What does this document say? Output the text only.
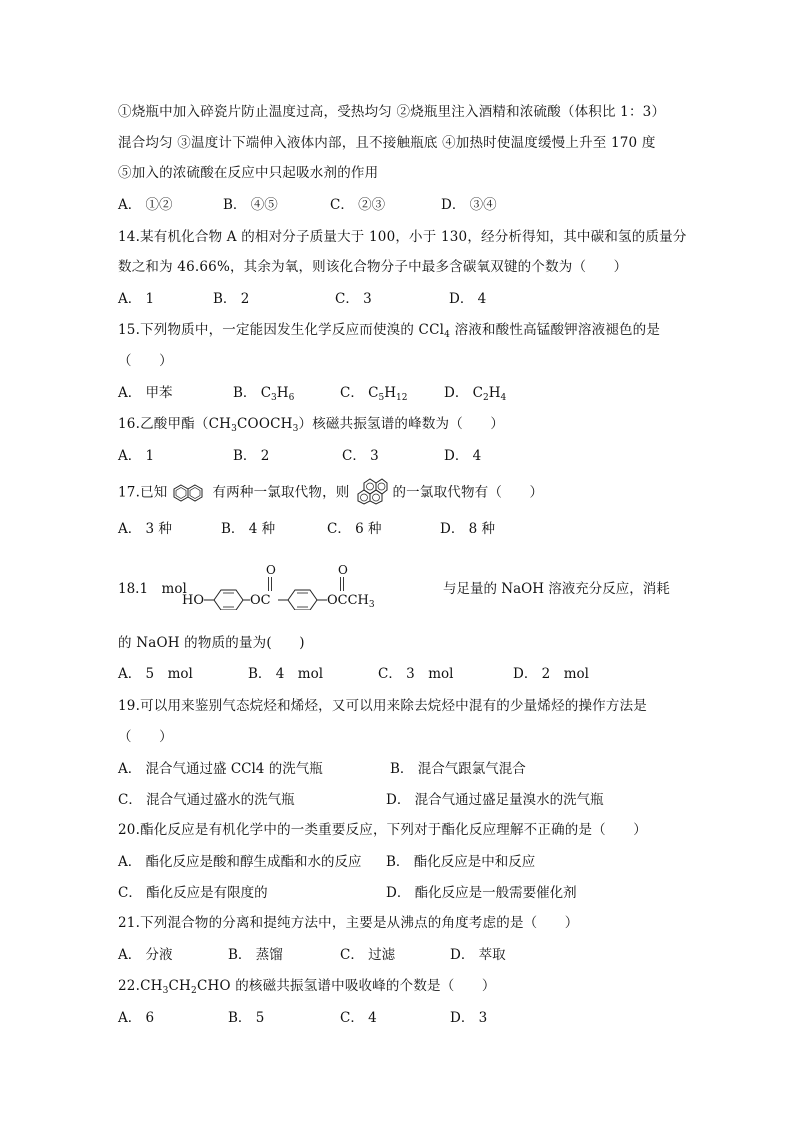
①烧瓶中加入碎瓷片防止温度过高，受热均匀 ②烧瓶里注入酒精和浓硫酸（体积比 1：3）
混合均匀 ③温度计下端伸入液体内部，且不接触瓶底 ④加热时使温度缓慢上升至 170 度
⑤加入的浓硫酸在反应中只起吸水剂的作用
A． ①②	B． ④⑤	C． ②③	D． ③④
14.某有机化合物 A 的相对分子质量大于 100，小于 130，经分析得知，其中碳和氢的质量分
数之和为 46.66%，其余为氧，则该化合物分子中最多含碳氧双键的个数为（　　）
A． 1	B． 2	C． 3	D． 4
15.下列物质中，一定能因发生化学反应而使溴的 CCl$_4$ 溶液和酸性高锰酸钾溶液褪色的是
（　　）
A． 甲苯	B． $C_3H_6$	C． $C_5H_{12}$	D． $C_2H_4$
16.乙酸甲酯$(CH_3COOCH_3)$核磁共振氢谱的峰数为（　　）
A． 1	B． 2	C． 3	D． 4
17.已知	有两种一氯取代物，则	的一氯取代物有（　　）
A． 3 种	B． 4 种	C． 6 种	D． 8 种
18.1　mol
HO	OC
O
$OCCH_3$
O
与足量的 NaOH 溶液充分反应，消耗
的 NaOH 的物质的量为(　　)
A． 5　mol	B． 4　mol	C． 3　mol	D． 2　mol
19.可以用来鉴别气态烷烃和烯烃，又可以用来除去烷烃中混有的少量烯烃的操作方法是
（　　）
A． 混合气通过盛 CCl4 的洗气瓶	B． 混合气跟氯气混合
C． 混合气通过盛水的洗气瓶	D． 混合气通过盛足量溴水的洗气瓶
20.酯化反应是有机化学中的一类重要反应，下列对于酯化反应理解不正确的是（　　）
A． 酯化反应是酸和醇生成酯和水的反应 B． 酯化反应是中和反应
C． 酯化反应是有限度的	D． 酯化反应是一般需要催化剂
21.下列混合物的分离和提纯方法中，主要是从沸点的角度考虑的是（　　）
A． 分液	B． 蒸馏	C． 过滤	D． 萃取
$22.CH_3CH_2CHO$ 的核磁共振氢谱中吸收峰的个数是（　　）
A． 6	B． 5	C． 4	D． 3
